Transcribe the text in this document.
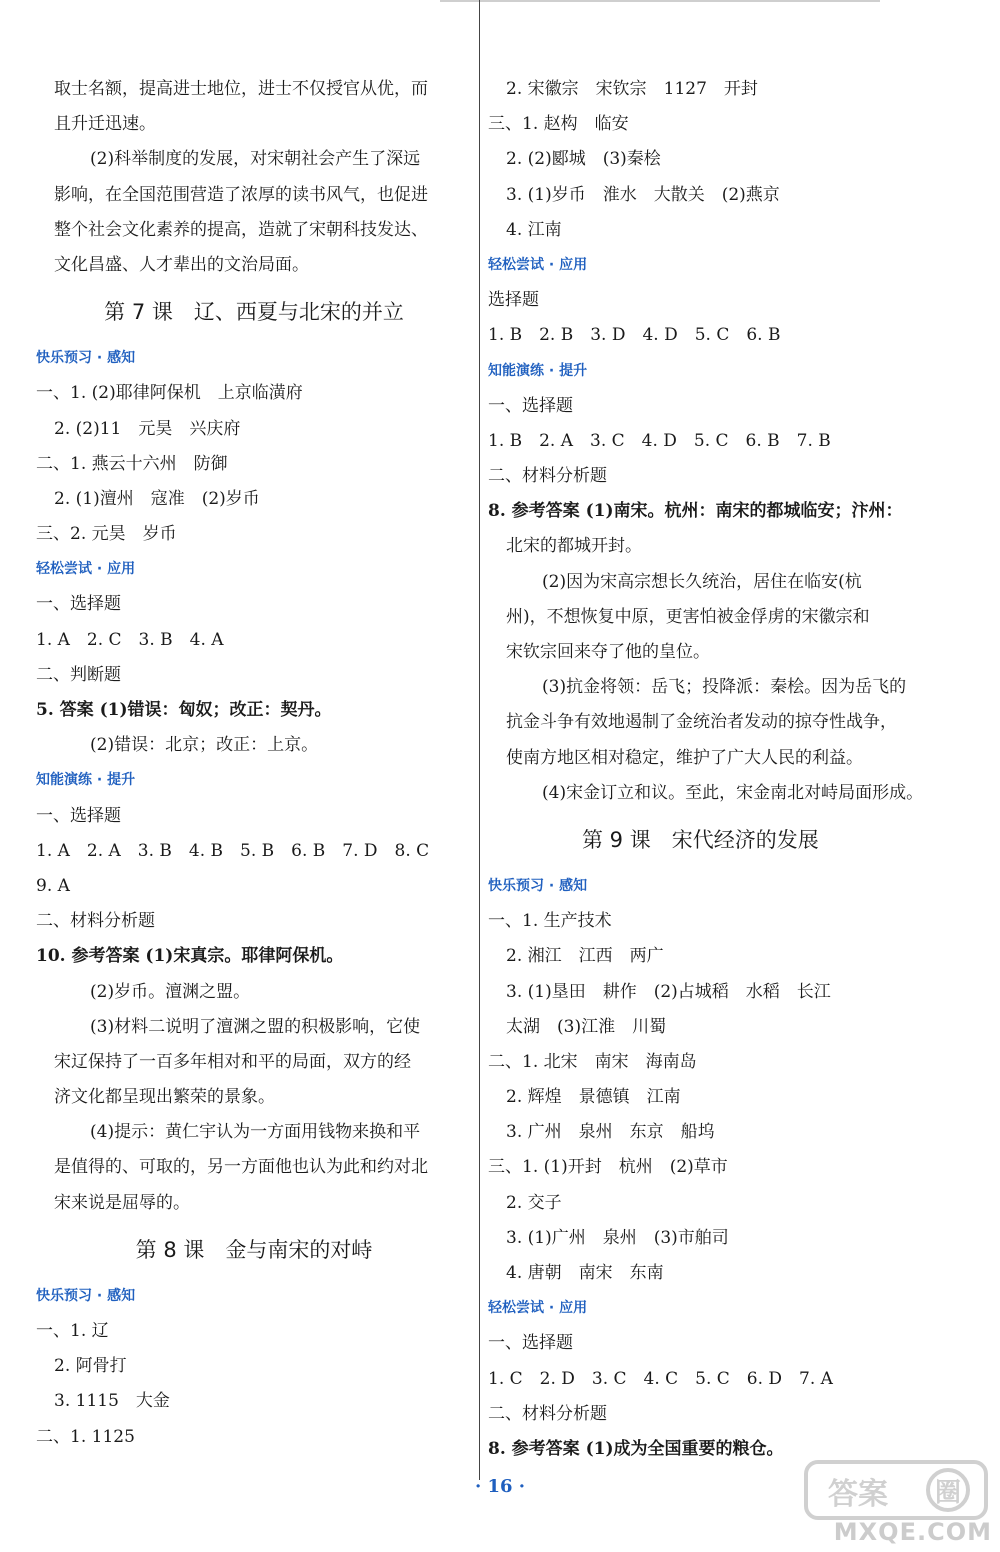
取士名额，提高进士地位，进士不仅授官从优，而
且升迁迅速。
(2)科举制度的发展，对宋朝社会产生了深远
影响，在全国范围营造了浓厚的读书风气，也促进
整个社会文化素养的提高，造就了宋朝科技发达、
文化昌盛、人才辈出的文治局面。
第 7 课　辽、西夏与北宋的并立
快乐预习 · 感知
一、1. (2)耶律阿保机　上京临潢府
2. (2)11　元昊　兴庆府
二、1. 燕云十六州　防御
2. (1)澶州　寇准　(2)岁币
三、2. 元昊　岁币
轻松尝试 · 应用
一、选择题
1. A　2. C　3. B　4. A
二、判断题
5. 答案 (1)错误：匈奴；改正：契丹。
(2)错误：北京；改正：上京。
知能演练 · 提升
一、选择题
1. A　2. A　3. B　4. B　5. B　6. B　7. D　8. C
9. A
二、材料分析题
10. 参考答案 (1)宋真宗。耶律阿保机。
(2)岁币。澶渊之盟。
(3)材料二说明了澶渊之盟的积极影响，它使
宋辽保持了一百多年相对和平的局面，双方的经
济文化都呈现出繁荣的景象。
(4)提示：黄仁宇认为一方面用钱物来换和平
是值得的、可取的，另一方面他也认为此和约对北
宋来说是屈辱的。
第 8 课　金与南宋的对峙
快乐预习 · 感知
一、1. 辽
2. 阿骨打
3. 1115　大金
二、1. 1125
2. 宋徽宗　宋钦宗　1127　开封
三、1. 赵构　临安
2. (2)郾城　(3)秦桧
3. (1)岁币　淮水　大散关　(2)燕京
4. 江南
轻松尝试 · 应用
选择题
1. B　2. B　3. D　4. D　5. C　6. B
知能演练 · 提升
一、选择题
1. B　2. A　3. C　4. D　5. C　6. B　7. B
二、材料分析题
8. 参考答案 (1)南宋。杭州：南宋的都城临安；汴州：
北宋的都城开封。
(2)因为宋高宗想长久统治，居住在临安(杭
州)，不想恢复中原，更害怕被金俘虏的宋徽宗和
宋钦宗回来夺了他的皇位。
(3)抗金将领：岳飞；投降派：秦桧。因为岳飞的
抗金斗争有效地遏制了金统治者发动的掠夺性战争，
使南方地区相对稳定，维护了广大人民的利益。
(4)宋金订立和议。至此，宋金南北对峙局面形成。
第 9 课　宋代经济的发展
快乐预习 · 感知
一、1. 生产技术
2. 湘江　江西　两广
3. (1)垦田　耕作　(2)占城稻　水稻　长江
太湖　(3)江淮　川蜀
二、1. 北宋　南宋　海南岛
2. 辉煌　景德镇　江南
3. 广州　泉州　东京　船坞
三、1. (1)开封　杭州　(2)草市
2. 交子
3. (1)广州　泉州　(3)市舶司
4. 唐朝　南宋　东南
轻松尝试 · 应用
一、选择题
1. C　2. D　3. C　4. C　5. C　6. D　7. A
二、材料分析题
8. 参考答案 (1)成为全国重要的粮仓。
· 16 ·	答案 圈
MXQE.COM
